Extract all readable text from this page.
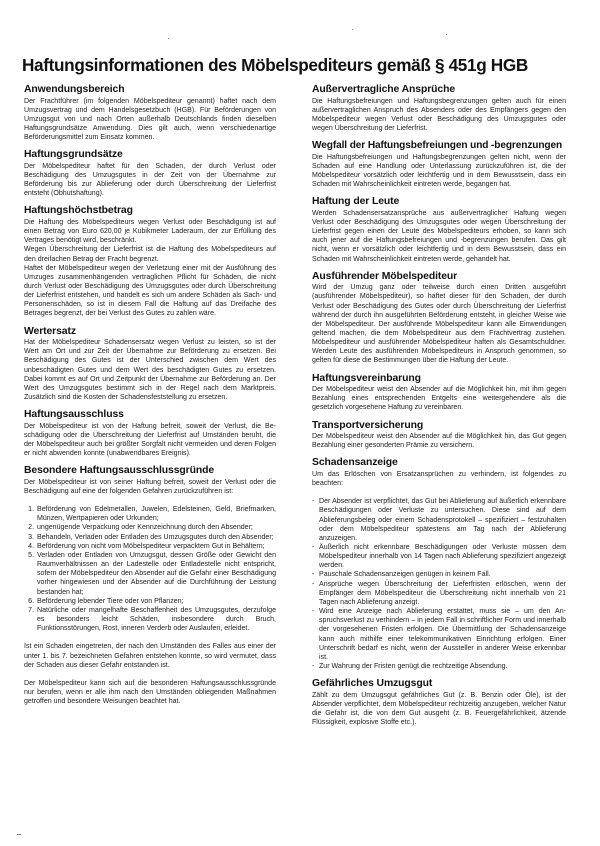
Haftungsinformationen des Möbelspediteurs gemäß § 451g HGB
Anwendungsbereich

Der Frachtführer (im folgenden Möbelspediteur genannt) haftet nach dem Umzugsvertrag und dem Handelsgesetzbuch (HGB). Für Beförderungen von Umzugsgut von und nach Orten außerhalb Deutschlands finden dieselben Haftungsgrundsätze Anwendung. Dies gilt auch, wenn verschiedenartige Beförderungsmittel zum Einsatz kommen.

Haftungsgrundsätze

Der Möbelspediteur haftet für den Schaden, der durch Verlust oder Beschädigung des Umzugsgutes in der Zeit von der Übernahme zur Beförderung bis zur Ablieferung oder durch Überschreitung der Lieferfrist entsteht (Obhutshaftung).

Haftungshöchstbetrag

Die Haftung des Möbelspediteurs wegen Verlust oder Beschädigung ist auf einen Betrag von Euro 620,00 je Kubikmeter Laderaum, der zur Erfüllung des Vertrages benötigt wird, beschränkt.

Wegen Überschreitung der Lieferfrist ist die Haftung des Möbelspediteurs auf den dreifachen Betrag der Fracht begrenzt.

Haftet der Möbelspediteur wegen der Verletzung einer mit der Ausführung des Umzuges zusammenhängenden vertraglichen Pflicht für Schäden, die nicht durch Verlust oder Beschädigung des Umzugsgutes oder durch Überschreitung der Lieferfrist entstehen, und handelt es sich um andere Schäden als Sach- und Personenschäden, so ist in diesem Fall die Haftung auf das Dreifache des Betrages begrenzt, der bei Verlust des Gutes zu zahlen wäre.

Wertersatz

Hat der Möbelspediteur Schadensersatz wegen Verlust zu leisten, so ist der Wert am Ort und zur Zeit der Übernahme zur Beförderung zu ersetzen. Bei Beschädigung des Gutes ist der Unterschied zwischen dem Wert des unbeschädigten Gutes und dem Wert des beschädigten Gutes zu ersetzen. Dabei kommt es auf Ort und Zeitpunkt der Übernahme zur Beförderung an. Der Wert des Umzugsgutes bestimmt sich in der Regel nach dem Marktpreis. Zusätzlich sind die Kosten der Schadensfeststellung zu ersetzen.

Haftungsausschluss

Der Möbelspediteur ist von der Haftung befreit, soweit der Verlust, die Beschädigung oder die Überschreitung der Lieferfrist auf Umständen beruht, die der Möbelspediteur auch bei größter Sorgfalt nicht vermeiden und deren Folgen er nicht abwenden konnte (unabwendbares Ereignis).

Besondere Haftungsausschlussgründe

Der Möbelspediteur ist von seiner Haftung befreit, soweit der Verlust oder die Beschädigung auf eine der folgenden Gefahren zurückzuführen ist:

1. Beförderung von Edelmetallen, Juwelen, Edelsteinen, Geld, Briefmarken, Münzen, Wertpapieren oder Urkunden;
2. ungenügende Verpackung oder Kennzeichnung durch den Absender;
3. Behandeln, Verladen oder Entladen des Umzugsgutes durch den Absender;
4. Beförderung von nicht vom Möbelspediteur verpacktem Gut in Behältern;
5. Verladen oder Entladen von Umzugsgut, dessen Größe oder Gewicht den Raumverhältnissen an der Ladestelle oder Entladestelle nicht entspricht, sofern der Möbelspediteur den Absender auf die Gefahr einer Beschädigung vorher hingewiesen und der Absender auf die Durchführung der Leistung bestanden hat;
6. Beförderung lebender Tiere oder von Pflanzen;
7. Natürliche oder mangelhafte Beschaffenheit des Umzugsgutes, derzufolge es besonders leicht Schäden, insbesondere durch Bruch, Funktionsstörungen, Rost, inneren Verderb oder Auslaufen, erleidet.

Ist ein Schaden eingetreten, der nach den Umständen des Falles aus einer der unter 1. bis 7. bezeichneten Gefahren entstehen konnte, so wird vermutet, dass der Schaden aus dieser Gefahr entstanden ist.

Der Möbelspediteur kann sich auf die besonderen Haftungsausschlussgründe nur berufen, wenn er alle ihm nach den Umständen obliegenden Maßnahmen getroffen und besondere Weisungen beachtet hat.

Außervertragliche Ansprüche

Die Haftungsbefreiungen und Haftungsbegrenzungen gelten auch für einen außervertraglichen Anspruch des Absenders oder des Empfängers gegen den Möbelspediteur wegen Verlust oder Beschädigung des Umzugsgutes oder wegen Überschreitung der Lieferfrist.

Wegfall der Haftungsbefreiungen und -begrenzungen

Die Haftungsbefreiungen und Haftungsbegrenzungen gelten nicht, wenn der Schaden auf eine Handlung oder Unterlassung zurückzuführen ist, die der Möbelspediteur vorsätzlich oder leichtfertig und in dem Bewusstsein, dass ein Schaden mit Wahrscheinlichkeit eintreten werde, begangen hat.

Haftung der Leute

Werden Schadensersatzansprüche aus außervertraglicher Haftung wegen Verlust oder Beschädigung des Umzugsgutes oder wegen Überschreitung der Lieferfrist gegen einen der Leute des Möbelspediteurs erhoben, so kann sich auch jener auf die Haftungsbefreiungen und -begrenzungen berufen. Das gilt nicht, wenn er vorsätzlich oder leichtfertig und in dem Bewusstsein, dass ein Schaden mit Wahrscheinlichkeit eintreten werde, gehandelt hat.

Ausführender Möbelspediteur

Wird der Umzug ganz oder teilweise durch einen Dritten ausgeführt (ausführender Möbelspediteur), so haftet dieser für den Schaden, der durch Verlust oder Beschädigung des Gutes oder durch Überschreitung der Lieferfrist während der durch ihn ausgeführten Beförderung entsteht, in gleicher Weise wie der Möbelspediteur. Der ausführende Möbelspediteur kann alle Einwendungen geltend machen, die dem Möbelspediteur aus dem Frachtvertrag zustehen. Möbelspediteur und ausführender Möbelspediteur haften als Gesamtschuldner. Werden Leute des ausführenden Möbelspediteurs in Anspruch genommen, so gelten für diese die Bestimmungen über die Haftung der Leute.

Haftungsvereinbarung

Der Möbelspediteur weist den Absender auf die Möglichkeit hin, mit ihm gegen Bezahlung eines entsprechenden Entgelts eine weitergehendere als die gesetzlich vorgesehene Haftung zu vereinbaren.

Transportversicherung

Der Möbelspediteur weist den Absender auf die Möglichkeit hin, das Gut gegen Bezahlung einer gesonderten Prämie zu versichern.

Schadensanzeige

Um das Erlöschen von Ersatzansprüchen zu verhindern, ist folgendes zu beachten:

- Der Absender ist verpflichtet, das Gut bei Ablieferung auf äußerlich erkennbare Beschädigungen oder Verluste zu untersuchen. Diese sind auf dem Ablieferungsbeleg oder einem Schadensprotokell – spezifiziert – festzuhalten oder dem Möbelspediteur spätestens am Tag nach der Ablieferung anzuzeigen.
- Äußerlich nicht erkennbare Beschädigungen oder Verluste müssen dem Möbelspediteur innerhalb von 14 Tagen nach Ablieferung spezifiziert angezeigt werden.
- Pauschale Schadensanzeigen genügen in keinem Fall.
- Ansprüche wegen Überschreitung der Lieferfristen erlöschen, wenn der Empfänger dem Möbelspediteur die Überschreitung nicht innerhalb von 21 Tagen nach Ablieferung anzeigt.
- Wird eine Anzeige nach Ablieferung erstattet, muss sie – um den Anspruchsverlust zu verhindern – in jedem Fall in schriftlicher Form und innerhalb der vorgesehenen Fristen erfolgen. Die Übermittlung der Schadensanzeige kann auch mithilfe einer telekommunikativen Einrichtung erfolgen. Einer Unterschrift bedarf es nicht, wenn der Aussteller in anderer Weise erkennbar ist.
- Zur Wahrung der Fristen genügt die rechtzeitige Absendung.
Gefährliches Umzugsgut

Zählt zu dem Umzugsgut gefährliches Gut (z. B. Benzin oder Öle), ist der Absender verpflichtet, dem Möbelspediteur rechtzeitig anzugeben, welcher Natur die Gefahr ist, die von dem Gut ausgeht (z. B. Feuergefährlichkeit, ätzende Flüssigkeit, explosive Stoffe etc.).
